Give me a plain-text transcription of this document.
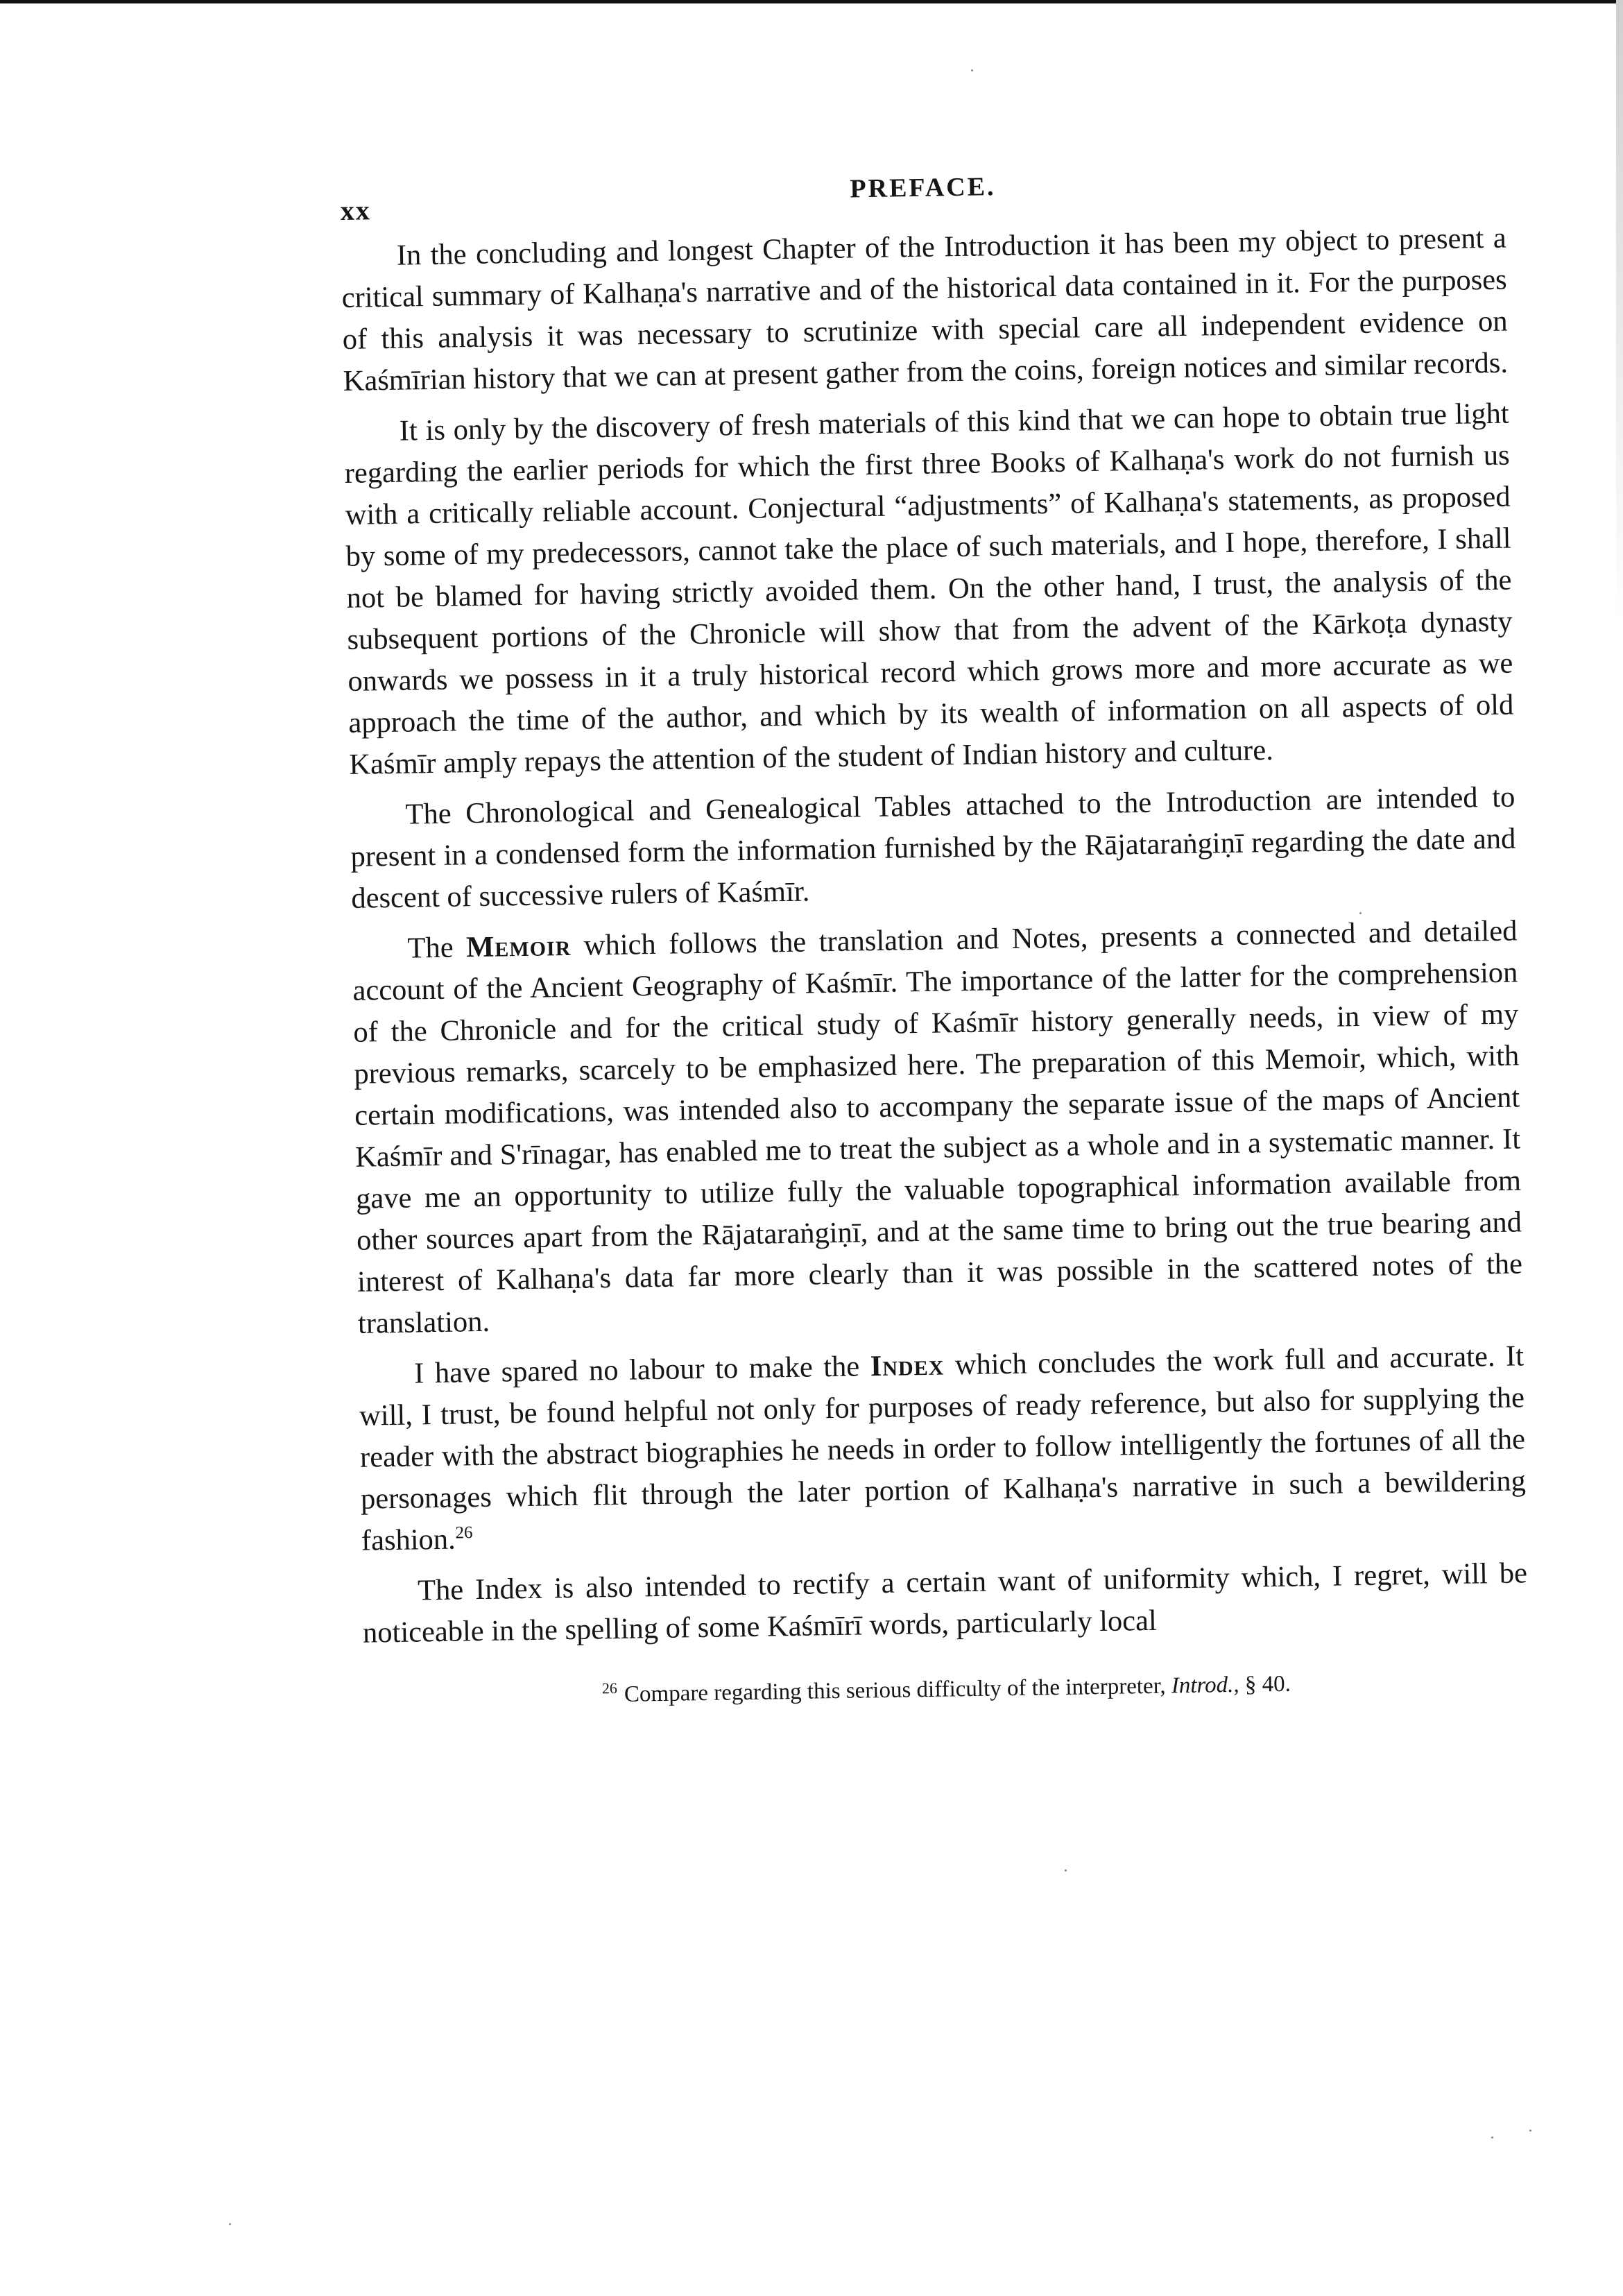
xx
PREFACE.

In the concluding and longest Chapter of the Introduction it has been my object to present a critical summary of Kalhaṇa's narrative and of the historical data contained in it. For the purposes of this analysis it was necessary to scrutinize with special care all independent evidence on Kaśmīrian history that we can at present gather from the coins, foreign notices and similar records.

It is only by the discovery of fresh materials of this kind that we can hope to obtain true light regarding the earlier periods for which the first three Books of Kalhaṇa's work do not furnish us with a critically reliable account. Conjectural “adjustments” of Kalhaṇa's statements, as proposed by some of my predecessors, cannot take the place of such materials, and I hope, therefore, I shall not be blamed for having strictly avoided them. On the other hand, I trust, the analysis of the subsequent portions of the Chronicle will show that from the advent of the Kārkoṭa dynasty onwards we possess in it a truly historical record which grows more and more accurate as we approach the time of the author, and which by its wealth of information on all aspects of old Kaśmīr amply repays the attention of the student of Indian history and culture.

The Chronological and Genealogical Tables attached to the Introduction are intended to present in a condensed form the information furnished by the Rājataraṅgiṇī regarding the date and descent of successive rulers of Kaśmīr.

The Memoir which follows the translation and Notes, presents a connected and detailed account of the Ancient Geography of Kaśmīr. The importance of the latter for the comprehension of the Chronicle and for the critical study of Kaśmīr history generally needs, in view of my previous remarks, scarcely to be emphasized here. The preparation of this Memoir, which, with certain modifications, was intended also to accompany the separate issue of the maps of Ancient Kaśmīr and S'rīnagar, has enabled me to treat the subject as a whole and in a systematic manner. It gave me an opportunity to utilize fully the valuable topographical information available from other sources apart from the Rājataraṅgiṇī, and at the same time to bring out the true bearing and interest of Kalhaṇa's data far more clearly than it was possible in the scattered notes of the translation.

I have spared no labour to make the Index which concludes the work full and accurate. It will, I trust, be found helpful not only for purposes of ready reference, but also for supplying the reader with the abstract biographies he needs in order to follow intelligently the fortunes of all the personages which flit through the later portion of Kalhaṇa's narrative in such a bewildering fashion.$^{26}$

The Index is also intended to rectify a certain want of uniformity which, I regret, will be noticeable in the spelling of some Kaśmīrī words, particularly local

$^{26}$ Compare regarding this serious difficulty of the interpreter, Introd., § 40.
